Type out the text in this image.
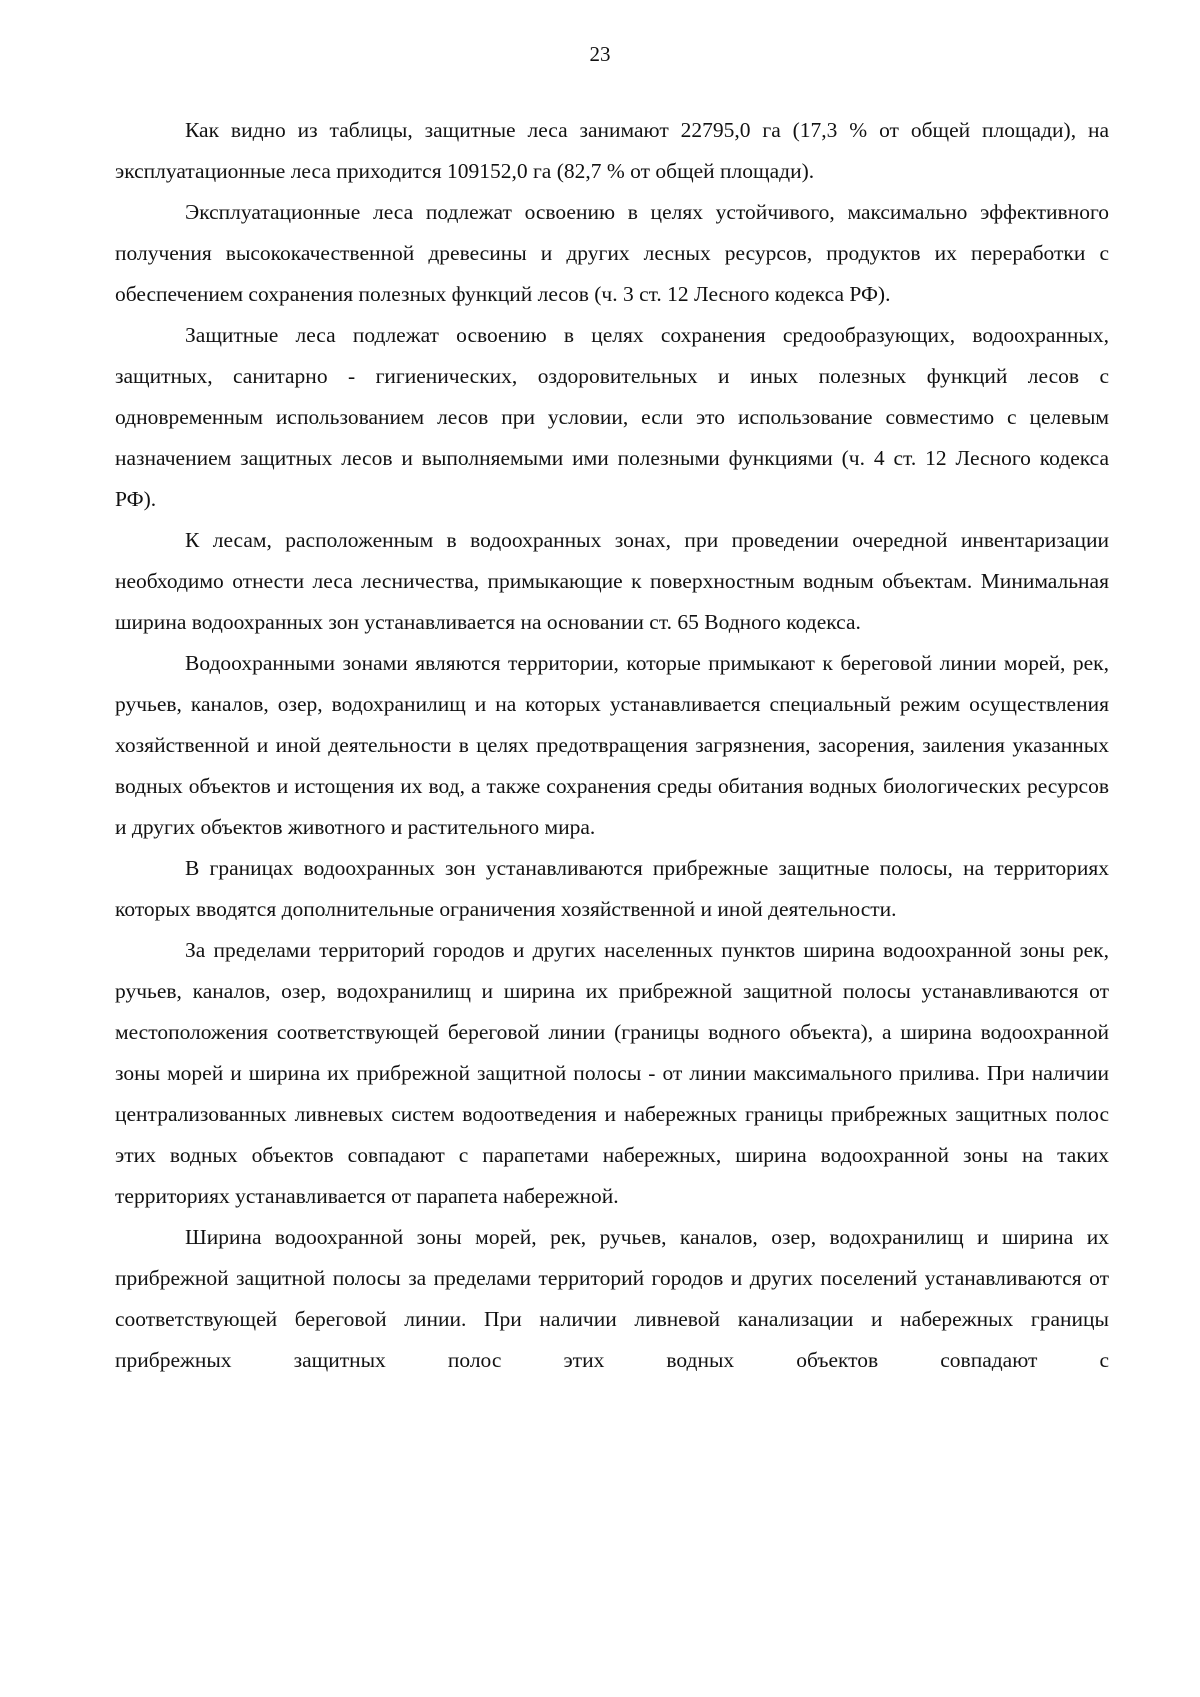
23

Как видно из таблицы, защитные леса занимают 22795,0 га (17,3 % от общей площади), на эксплуатационные леса приходится 109152,0 га (82,7 % от общей площади).

Эксплуатационные леса подлежат освоению в целях устойчивого, максимально эффективного получения высококачественной древесины и других лесных ресурсов, продуктов их переработки с обеспечением сохранения полезных функций лесов (ч. 3 ст. 12 Лесного кодекса РФ).

Защитные леса подлежат освоению в целях сохранения средообразующих, водоохранных, защитных, санитарно - гигиенических, оздоровительных и иных полезных функций лесов с одновременным использованием лесов при условии, если это использование совместимо с целевым назначением защитных лесов и выполняемыми ими полезными функциями (ч. 4 ст. 12 Лесного кодекса РФ).

К лесам, расположенным в водоохранных зонах, при проведении очередной инвентаризации необходимо отнести леса лесничества, примыкающие к поверхностным водным объектам. Минимальная ширина водоохранных зон устанавливается на основании ст. 65 Водного кодекса.

Водоохранными зонами являются территории, которые примыкают к береговой линии морей, рек, ручьев, каналов, озер, водохранилищ и на которых устанавливается специальный режим осуществления хозяйственной и иной деятельности в целях предотвращения загрязнения, засорения, заиления указанных водных объектов и истощения их вод, а также сохранения среды обитания водных биологических ресурсов и других объектов животного и растительного мира.

В границах водоохранных зон устанавливаются прибрежные защитные полосы, на территориях которых вводятся дополнительные ограничения хозяйственной и иной деятельности.

За пределами территорий городов и других населенных пунктов ширина водоохранной зоны рек, ручьев, каналов, озер, водохранилищ и ширина их прибрежной защитной полосы устанавливаются от местоположения соответствующей береговой линии (границы водного объекта), а ширина водоохранной зоны морей и ширина их прибрежной защитной полосы - от линии максимального прилива. При наличии централизованных ливневых систем водоотведения и набережных границы прибрежных защитных полос этих водных объектов совпадают с парапетами набережных, ширина водоохранной зоны на таких территориях устанавливается от парапета набережной.

Ширина водоохранной зоны морей, рек, ручьев, каналов, озер, водохранилищ и ширина их прибрежной защитной полосы за пределами территорий городов и других поселений устанавливаются от соответствующей береговой линии. При наличии ливневой канализации и набережных границы прибрежных защитных полос этих водных объектов совпадают с
